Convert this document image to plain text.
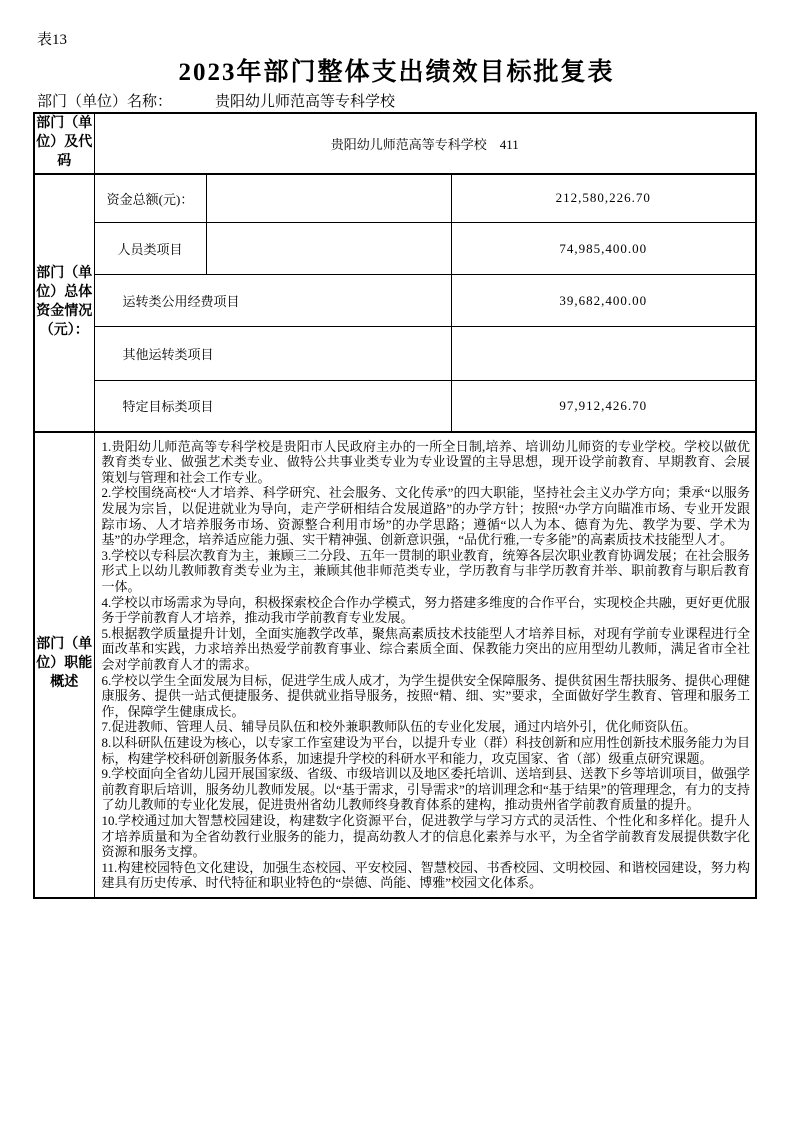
表13
2023年部门整体支出绩效目标批复表
部门（单位）名称：	贵阳幼儿师范高等专科学校
部门（单位）及代码	贵阳幼儿师范高等专科学校　411		
部门（单位）总体资金情况（元）：	资金总额(元)：		212,580,226.70
	人员类项目		74,985,400.00
	运转类公用经费项目		39,682,400.00
	其他运转类项目		
	特定目标类项目		97,912,426.70
部门（单位）职能概述	

1.贵阳幼儿师范高等专科学校是贵阳市人民政府主办的一所全日制,培养、培训幼儿师资的专业学校。学校以做优教育类专业、做强艺术类专业、做特公共事业类专业为专业设置的主导思想，现开设学前教育、早期教育、会展策划与管理和社会工作专业。

2.学校围绕高校“人才培养、科学研究、社会服务、文化传承”的四大职能，坚持社会主义办学方向；秉承“以服务发展为宗旨，以促进就业为导向，走产学研相结合发展道路”的办学方针；按照“办学方向瞄准市场、专业开发跟踪市场、人才培养服务市场、资源整合利用市场”的办学思路；遵循“以人为本、德育为先、教学为要、学术为基”的办学理念，培养适应能力强、实干精神强、创新意识强，“品优行雅,一专多能”的高素质技术技能型人才。

3.学校以专科层次教育为主，兼顾三二分段、五年一贯制的职业教育，统筹各层次职业教育协调发展；在社会服务形式上以幼儿教师教育类专业为主，兼顾其他非师范类专业，学历教育与非学历教育并举、职前教育与职后教育一体。

4.学校以市场需求为导向，积极探索校企合作办学模式，努力搭建多维度的合作平台，实现校企共融，更好更优服务于学前教育人才培养，推动我市学前教育专业发展。

5.根据教学质量提升计划，全面实施教学改革，聚焦高素质技术技能型人才培养目标，对现有学前专业课程进行全面改革和实践，力求培养出热爱学前教育事业、综合素质全面、保教能力突出的应用型幼儿教师，满足省市全社会对学前教育人才的需求。

6.学校以学生全面发展为目标，促进学生成人成才，为学生提供安全保障服务、提供贫困生帮扶服务、提供心理健康服务、提供一站式便捷服务、提供就业指导服务，按照“精、细、实”要求，全面做好学生教育、管理和服务工作，保障学生健康成长。

7.促进教师、管理人员、辅导员队伍和校外兼职教师队伍的专业化发展，通过内培外引，优化师资队伍。

8.以科研队伍建设为核心，以专家工作室建设为平台，以提升专业（群）科技创新和应用性创新技术服务能力为目标，构建学校科研创新服务体系，加速提升学校的科研水平和能力，攻克国家、省（部）级重点研究课题。

9.学校面向全省幼儿园开展国家级、省级、市级培训以及地区委托培训、送培到县、送教下乡等培训项目，做强学前教育职后培训，服务幼儿教师发展。以“基于需求，引导需求”的培训理念和“基于结果”的管理理念，有力的支持了幼儿教师的专业化发展，促进贵州省幼儿教师终身教育体系的建构，推动贵州省学前教育质量的提升。

10.学校通过加大智慧校园建设，构建数字化资源平台，促进教学与学习方式的灵活性、个性化和多样化。提升人才培养质量和为全省幼教行业服务的能力，提高幼教人才的信息化素养与水平，为全省学前教育发展提供数字化资源和服务支撑。

11.构建校园特色文化建设，加强生态校园、平安校园、智慧校园、书香校园、文明校园、和谐校园建设，努力构建具有历史传承、时代特征和职业特色的“崇德、尚能、博雅”校园文化体系。
